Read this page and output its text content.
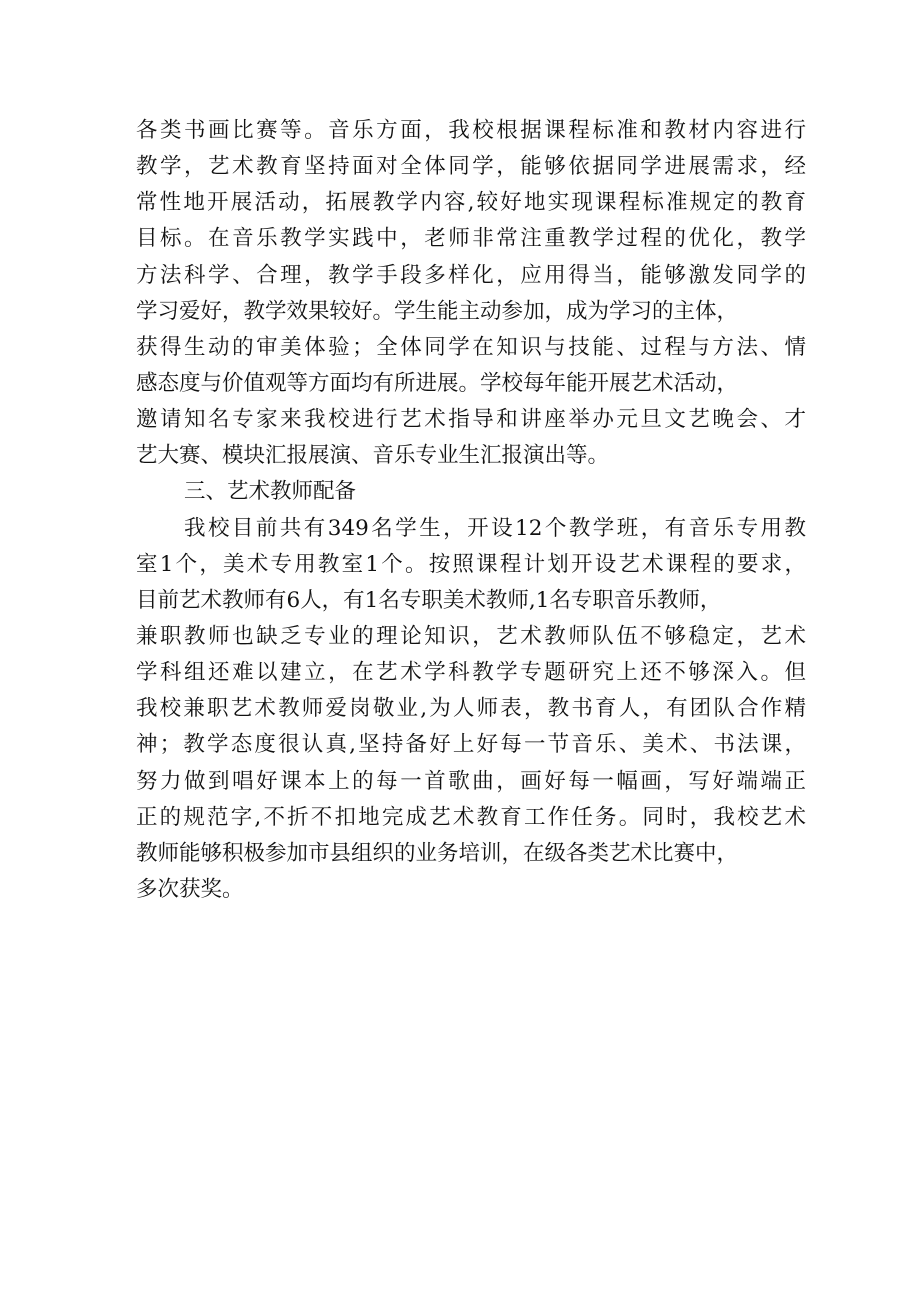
各类书画比赛等。音乐方面，我校根据课程标准和教材内容进行
教学，艺术教育坚持面对全体同学，能够依据同学进展需求，经
常性地开展活动，拓展教学内容,较好地实现课程标准规定的教育
目标。在音乐教学实践中，老师非常注重教学过程的优化，教学
方法科学、合理，教学手段多样化，应用得当，能够激发同学的
学习爱好，教学效果较好。学生能主动参加，成为学习的主体，
获得生动的审美体验；全体同学在知识与技能、过程与方法、情
感态度与价值观等方面均有所进展。学校每年能开展艺术活动，
邀请知名专家来我校进行艺术指导和讲座举办元旦文艺晚会、才
艺大赛、模块汇报展演、音乐专业生汇报演出等。
三、艺术教师配备
我校目前共有349名学生，开设12个教学班，有音乐专用教
室1个，美术专用教室1个。按照课程计划开设艺术课程的要求，
目前艺术教师有6人，有1名专职美术教师,1名专职音乐教师，
兼职教师也缺乏专业的理论知识，艺术教师队伍不够稳定，艺术
学科组还难以建立，在艺术学科教学专题研究上还不够深入。但
我校兼职艺术教师爱岗敬业,为人师表，教书育人，有团队合作精
神；教学态度很认真,坚持备好上好每一节音乐、美术、书法课，
努力做到唱好课本上的每一首歌曲，画好每一幅画，写好端端正
正的规范字,不折不扣地完成艺术教育工作任务。同时，我校艺术
教师能够积极参加市县组织的业务培训，在级各类艺术比赛中，
多次获奖。
